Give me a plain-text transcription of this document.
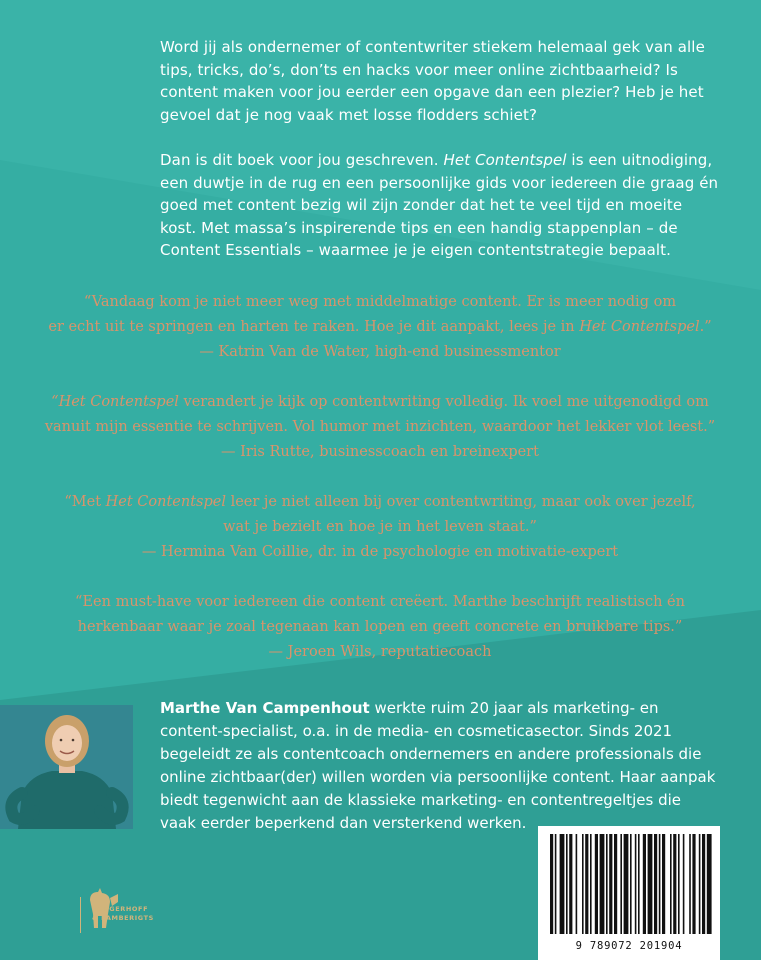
Word jij als ondernemer of contentwriter stiekem helemaal gek van alle tips, tricks, do’s, don’ts en hacks voor meer online zichtbaarheid? Is content maken voor jou eerder een opgave dan een plezier? Heb je het gevoel dat je nog vaak met losse flodders schiet?

Dan is dit boek voor jou geschreven. Het Contentspel is een uitnodiging, een duwtje in de rug en een persoonlijke gids voor iedereen die graag én goed met content bezig wil zijn zonder dat het te veel tijd en moeite kost. Met massa’s inspirerende tips en een handig stappenplan – de Content Essentials – waarmee je je eigen contentstrategie bepaalt.

“Vandaag kom je niet meer weg met middelmatige content. Er is meer nodig om
er echt uit te springen en harten te raken. Hoe je dit aanpakt, lees je in Het Contentspel.”
— Katrin Van de Water, high-end businessmentor
“Het Contentspel verandert je kijk op contentwriting volledig. Ik voel me uitgenodigd om
vanuit mijn essentie te schrijven. Vol humor met inzichten, waardoor het lekker vlot leest.”
— Iris Rutte, businesscoach en breinexpert
“Met Het Contentspel leer je niet alleen bij over contentwriting, maar ook over jezelf,
wat je bezielt en hoe je in het leven staat.”
— Hermina Van Coillie, dr. in de psychologie en motivatie-expert
“Een must-have voor iedereen die content creëert. Marthe beschrijft realistisch én
herkenbaar waar je zoal tegenaan kan lopen en geeft concrete en bruikbare tips.”
— Jeroen Wils, reputatiecoach
Marthe Van Campenhout werkte ruim 20 jaar als marketing- en content-specialist, o.a. in de media- en cosmeticasector. Sinds 2021 begeleidt ze als contentcoach ondernemers en andere professionals die online zichtbaar(der) willen worden via persoonlijke content. Haar aanpak biedt tegenwicht aan de klassieke marketing- en contentregeltjes die vaak eerder beperkend dan versterkend werken.
BORGERHOFF
& LAMBERIGTS
9 789072 201904
